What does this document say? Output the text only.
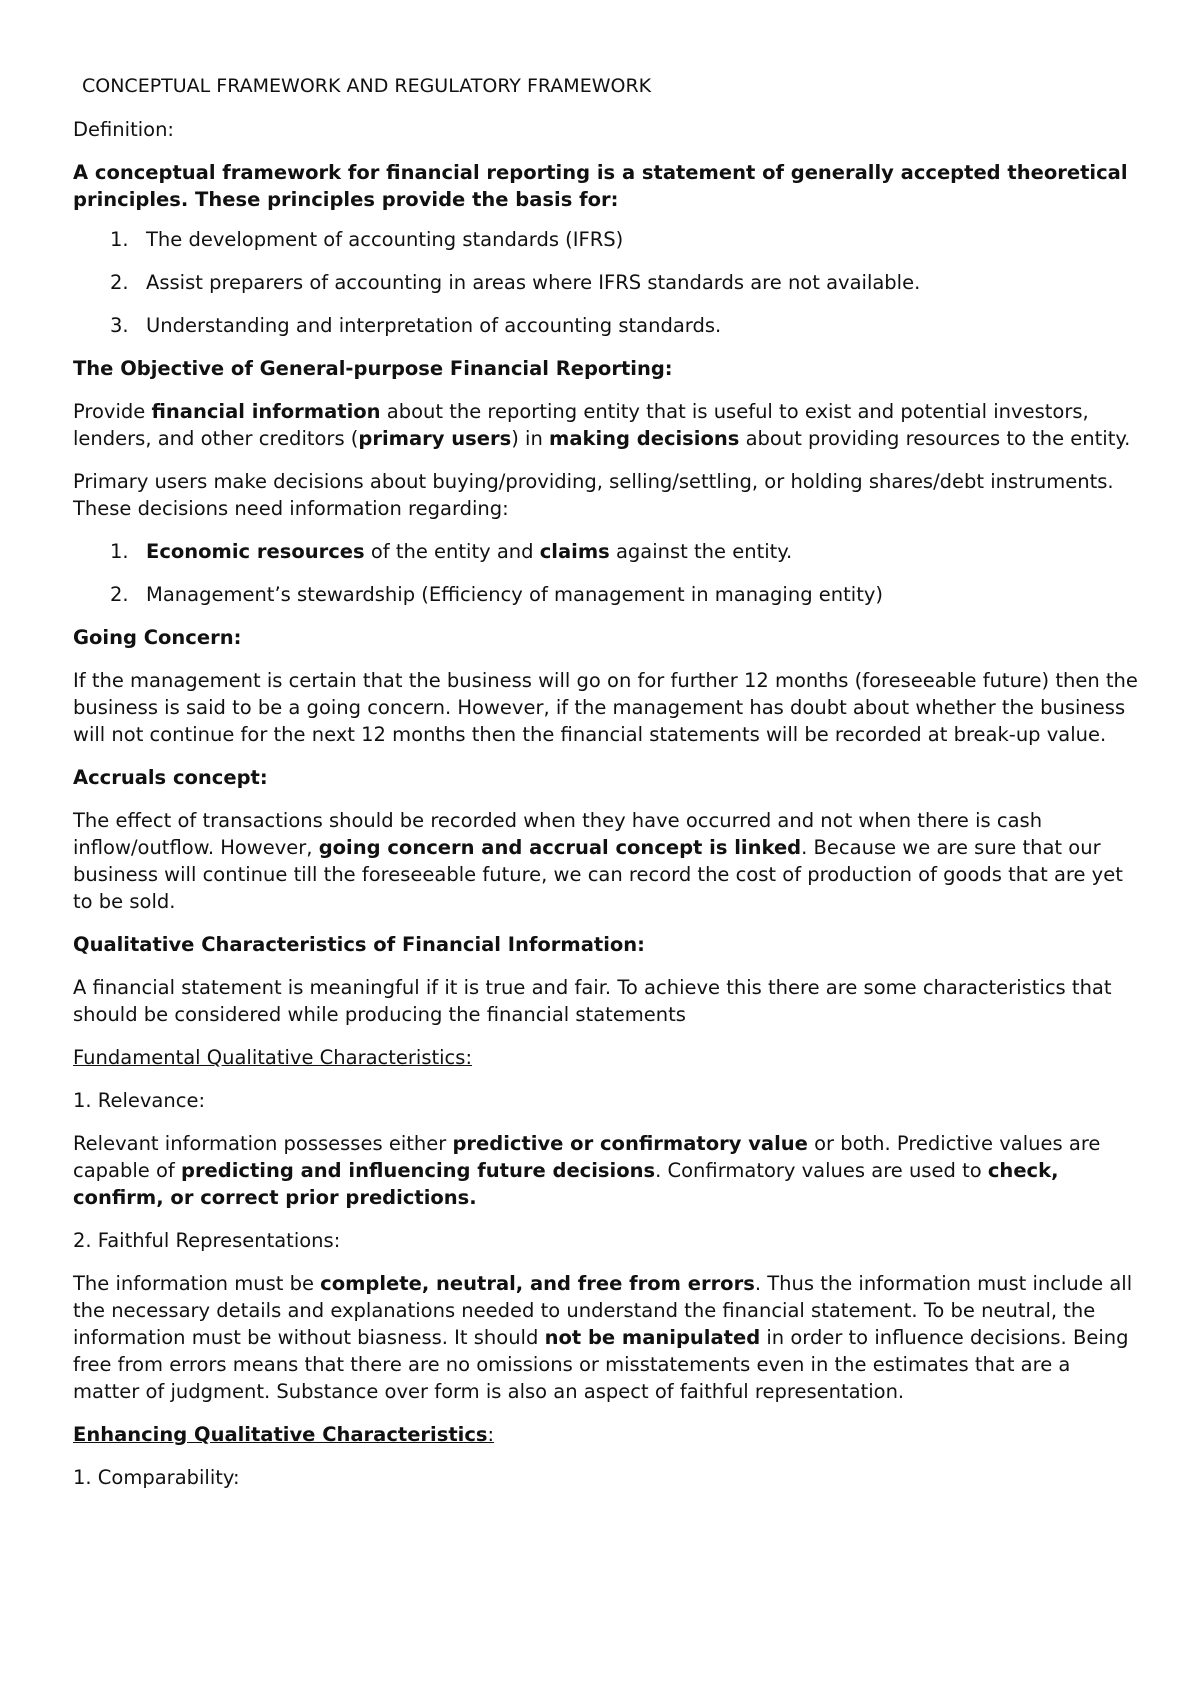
CONCEPTUAL FRAMEWORK AND REGULATORY FRAMEWORK

Definition:

A conceptual framework for financial reporting is a statement of generally accepted theoretical principles. These principles provide the basis for:

1. The development of accounting standards (IFRS)
2. Assist preparers of accounting in areas where IFRS standards are not available.
3. Understanding and interpretation of accounting standards.

The Objective of General-purpose Financial Reporting:

Provide financial information about the reporting entity that is useful to exist and potential investors, lenders, and other creditors (primary users) in making decisions about providing resources to the entity.

Primary users make decisions about buying/providing, selling/settling, or holding shares/debt instruments. These decisions need information regarding:

1. Economic resources of the entity and claims against the entity.
2. Management’s stewardship (Efficiency of management in managing entity)

Going Concern:

If the management is certain that the business will go on for further 12 months (foreseeable future) then the business is said to be a going concern. However, if the management has doubt about whether the business will not continue for the next 12 months then the financial statements will be recorded at break-up value.

Accruals concept:

The effect of transactions should be recorded when they have occurred and not when there is cash inflow/outflow. However, going concern and accrual concept is linked. Because we are sure that our business will continue till the foreseeable future, we can record the cost of production of goods that are yet to be sold.

Qualitative Characteristics of Financial Information:

A financial statement is meaningful if it is true and fair. To achieve this there are some characteristics that should be considered while producing the financial statements

Fundamental Qualitative Characteristics:

1. Relevance:

Relevant information possesses either predictive or confirmatory value or both. Predictive values are capable of predicting and influencing future decisions. Confirmatory values are used to check, confirm, or correct prior predictions.

2. Faithful Representations:

The information must be complete, neutral, and free from errors. Thus the information must include all the necessary details and explanations needed to understand the financial statement. To be neutral, the information must be without biasness. It should not be manipulated in order to influence decisions. Being free from errors means that there are no omissions or misstatements even in the estimates that are a matter of judgment. Substance over form is also an aspect of faithful representation.

Enhancing Qualitative Characteristics:

1. Comparability:
